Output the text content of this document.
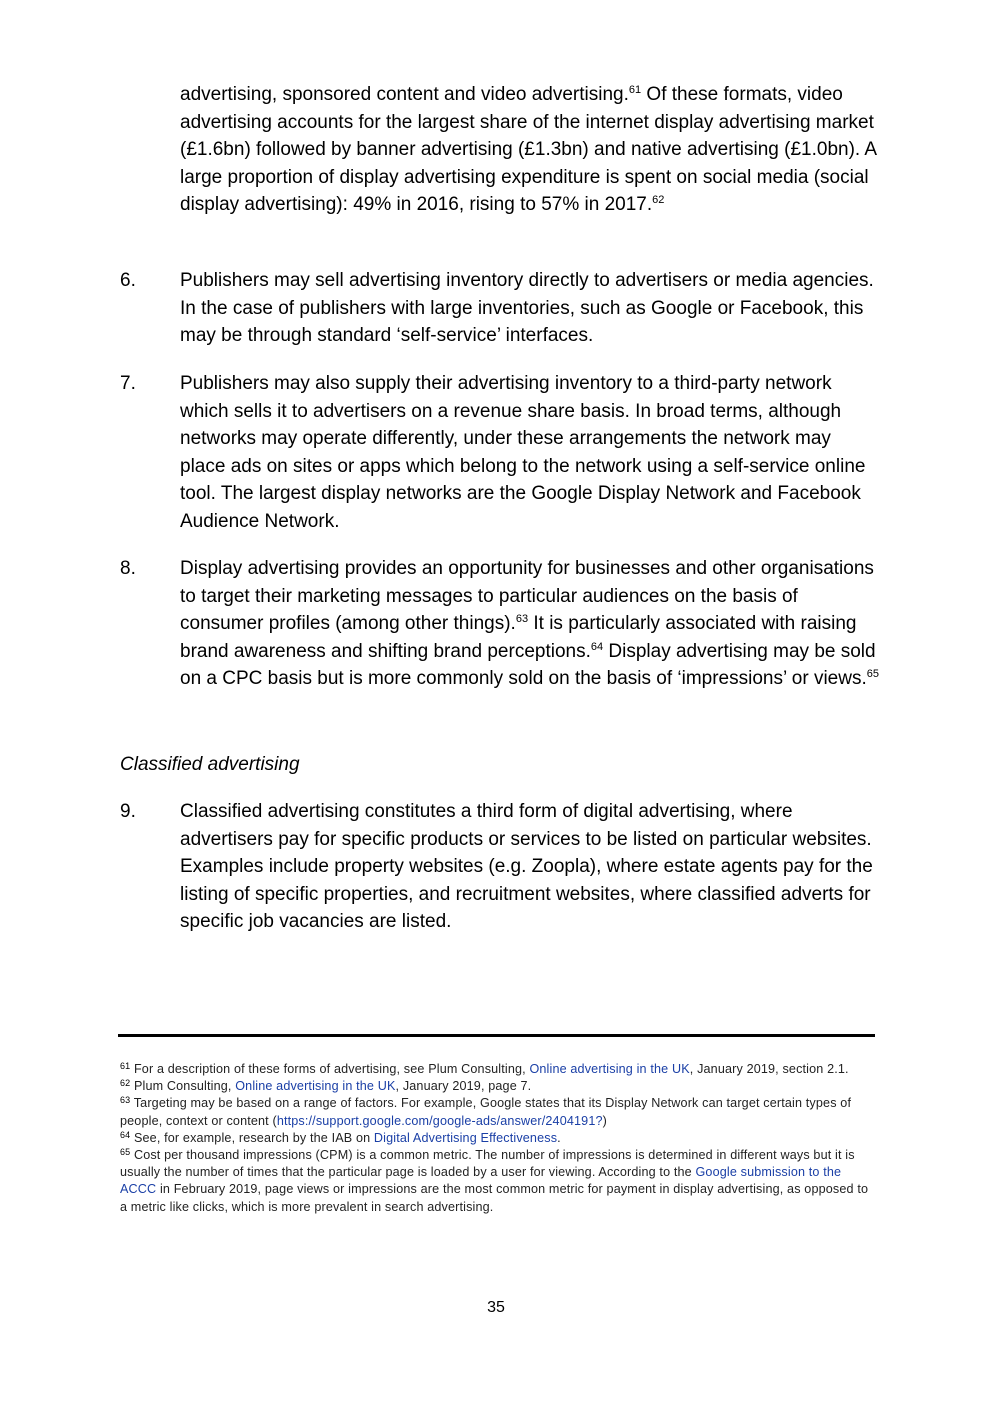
advertising, sponsored content and video advertising.$^{61}$ Of these formats, video advertising accounts for the largest share of the internet display advertising market (£1.6bn) followed by banner advertising (£1.3bn) and native advertising (£1.0bn). A large proportion of display advertising expenditure is spent on social media (social display advertising): 49% in 2016, rising to 57% in 2017.62
6.	Publishers may sell advertising inventory directly to advertisers or media agencies. In the case of publishers with large inventories, such as Google or Facebook, this may be through standard ‘self-service’ interfaces.
7.	Publishers may also supply their advertising inventory to a third-party network which sells it to advertisers on a revenue share basis. In broad terms, although networks may operate differently, under these arrangements the network may place ads on sites or apps which belong to the network using a self-service online tool. The largest display networks are the Google Display Network and Facebook Audience Network.
8.	Display advertising provides an opportunity for businesses and other organisations to target their marketing messages to particular audiences on the basis of consumer profiles (among other things).$^{63}$ It is particularly associated with raising brand awareness and shifting brand perceptions.$^{64}$ Display advertising may be sold on a CPC basis but is more commonly sold on the basis of ‘impressions’ or views.$^{65}$
Classified advertising
9.	Classified advertising constitutes a third form of digital advertising, where advertisers pay for specific products or services to be listed on particular websites. Examples include property websites (e.g. Zoopla), where estate agents pay for the listing of specific properties, and recruitment websites, where classified adverts for specific job vacancies are listed.
$^{61}$ For a description of these forms of advertising, see Plum Consulting, Online advertising in the UK, January 2019, section 2.1.
$^{62}$ Plum Consulting, Online advertising in the UK, January 2019, page 7.
$^{63}$ Targeting may be based on a range of factors. For example, Google states that its Display Network can target certain types of people, context or content (https://support.google.com/google-ads/answer/2404191?)
$^{64}$ See, for example, research by the IAB on Digital Advertising Effectiveness.
$^{65}$ Cost per thousand impressions (CPM) is a common metric. The number of impressions is determined in different ways but it is usually the number of times that the particular page is loaded by a user for viewing. According to the Google submission to the ACCC in February 2019, page views or impressions are the most common metric for payment in display advertising, as opposed to a metric like clicks, which is more prevalent in search advertising.
35
